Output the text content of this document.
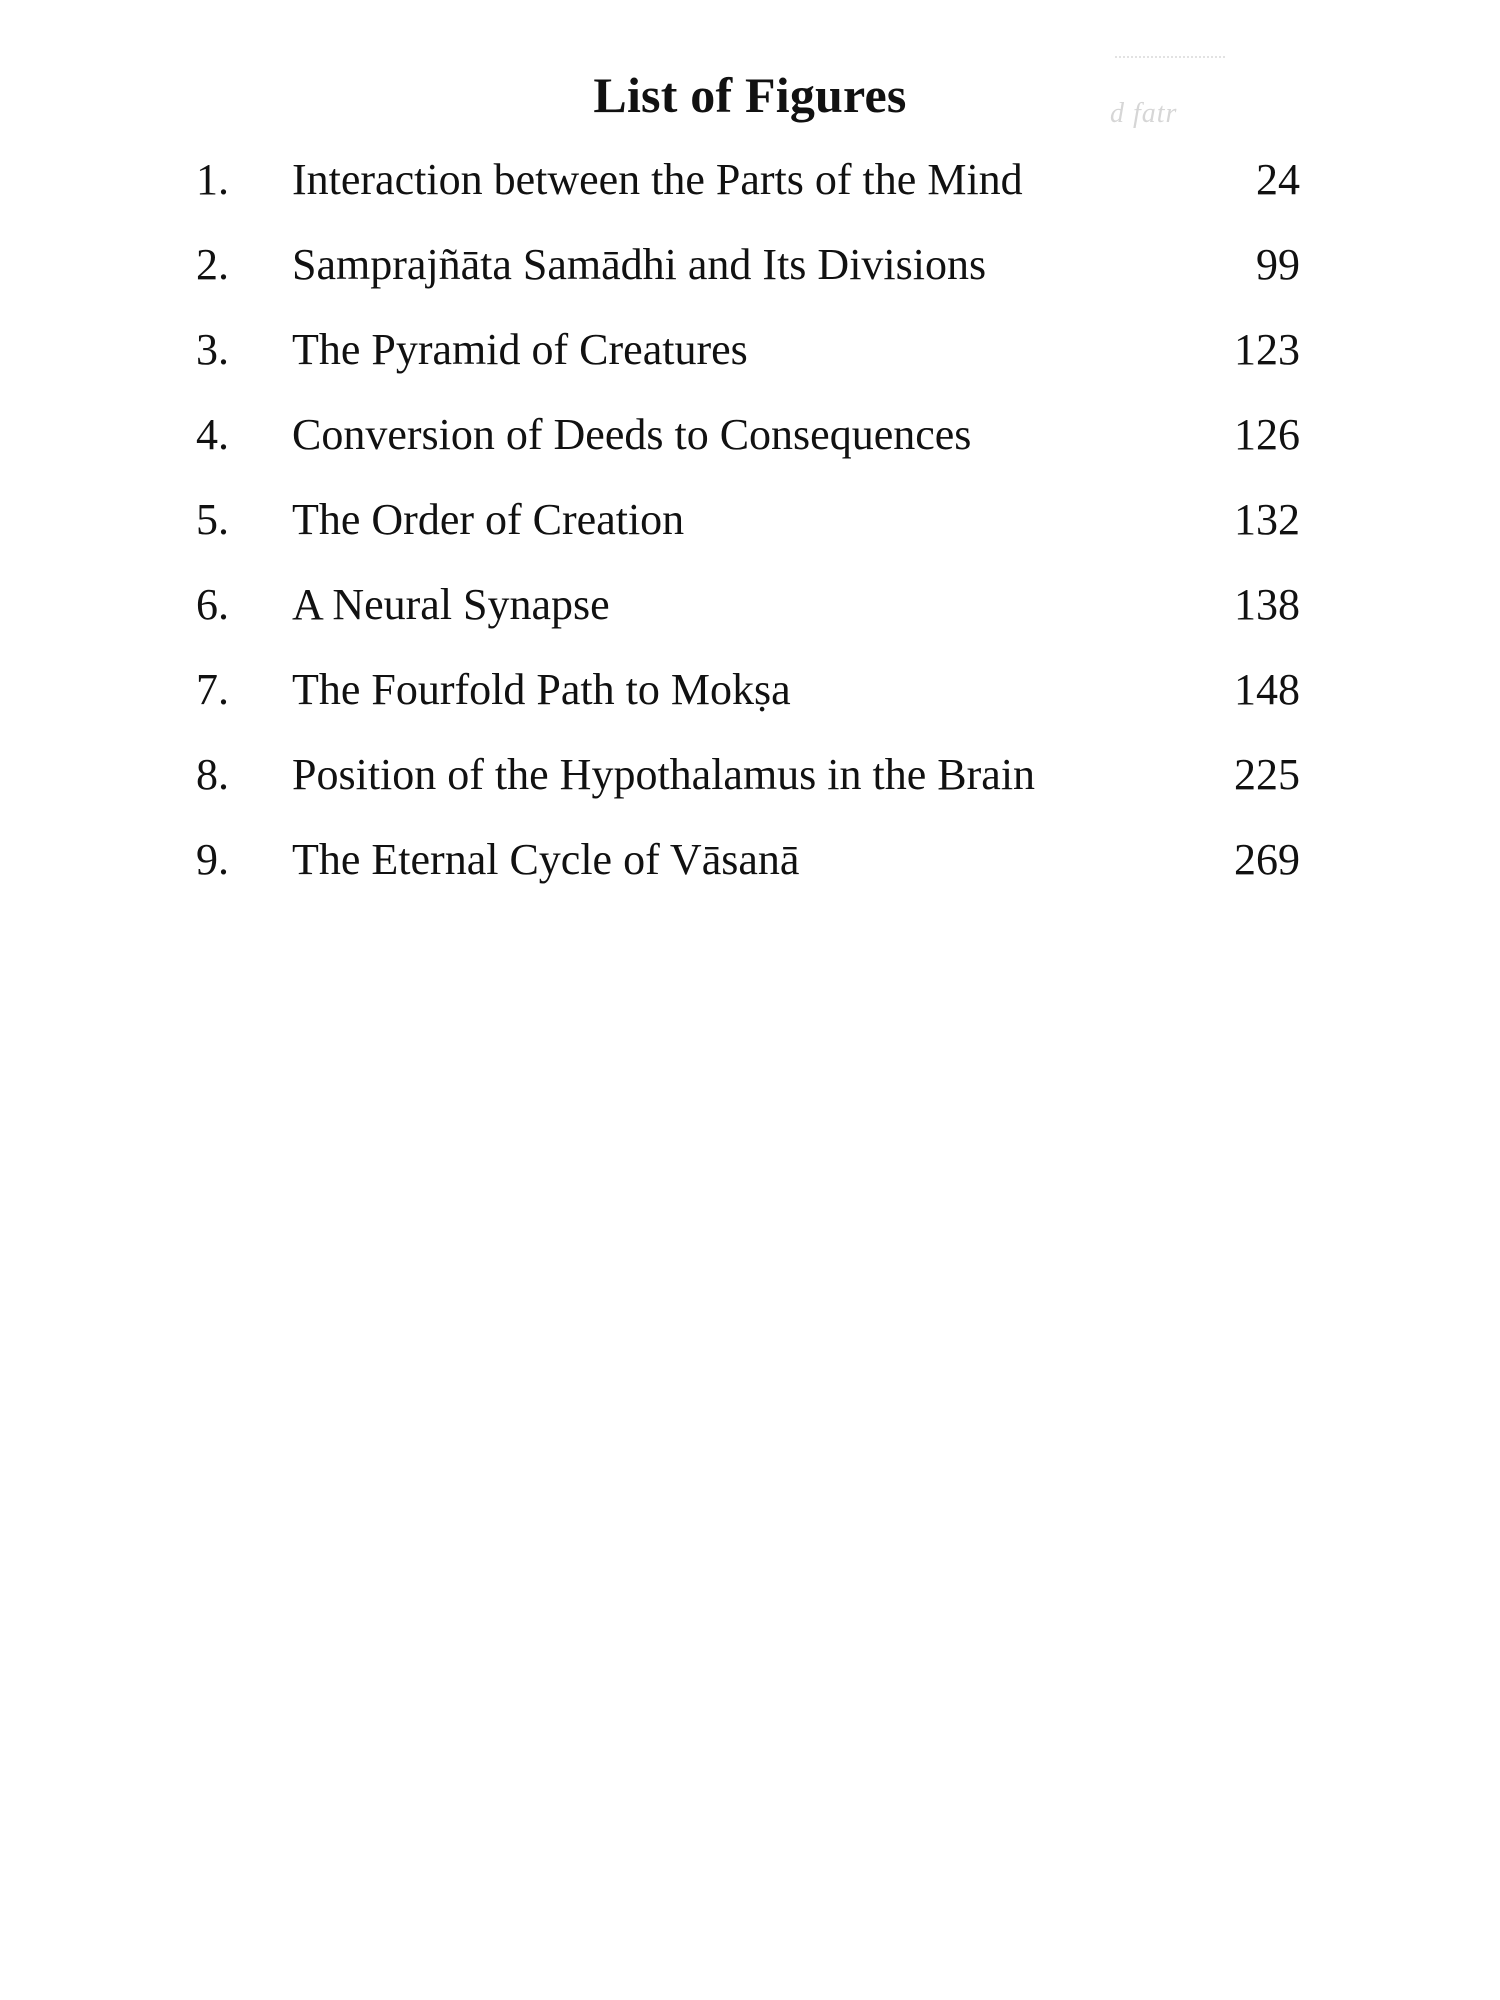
d fatr
List of Figures
1.	Interaction between the Parts of the Mind	24
2.	Samprajñāta Samādhi and Its Divisions	99
3.	The Pyramid of Creatures	123
4.	Conversion of Deeds to Consequences	126
5.	The Order of Creation	132
6.	A Neural Synapse	138
7.	The Fourfold Path to Mokṣa	148
8.	Position of the Hypothalamus in the Brain	225
9.	The Eternal Cycle of Vāsanā	269
